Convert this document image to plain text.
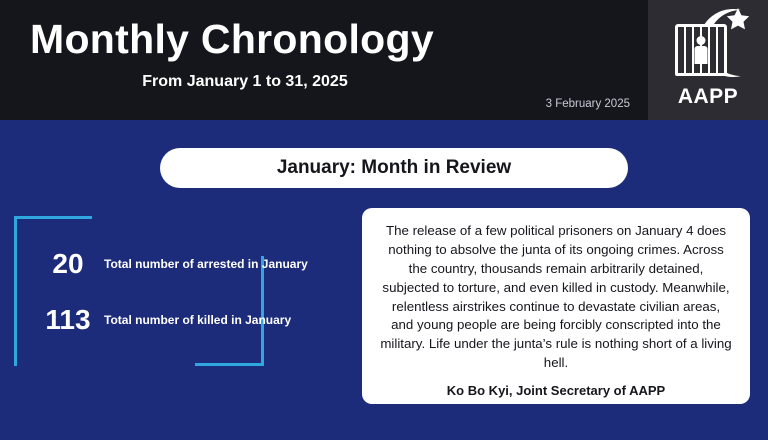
Monthly Chronology
From January 1 to 31, 2025
3 February 2025 AAPP
January: Month in Review
20	Total number of arrested in January
113	Total number of killed in January

The release of a few political prisoners on January 4 does nothing to absolve the junta of its ongoing crimes. Across the country, thousands remain arbitrarily detained, subjected to torture, and even killed in custody. Meanwhile, relentless airstrikes continue to devastate civilian areas, and young people are being forcibly conscripted into the military. Life under the junta’s rule is nothing short of a living hell.

Ko Bo Kyi, Joint Secretary of AAPP
